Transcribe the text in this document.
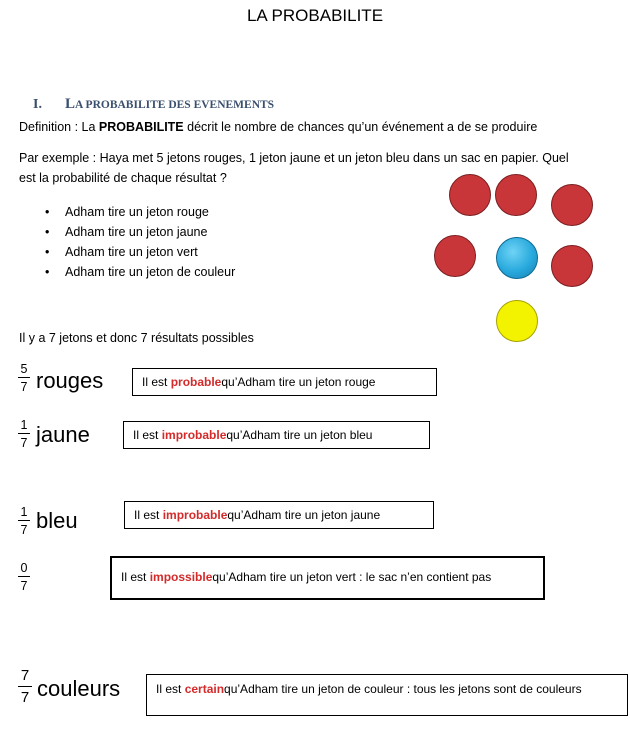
LA PROBABILITE
I. LA PROBABILITE DES EVENEMENTS
Definition : La PROBABILITE décrit le nombre de chances qu’un événement a de se produire
Par exemple : Haya met 5 jetons rouges, 1 jeton jaune et un jeton bleu dans un sac en papier. Quel
est la probabilité de chaque résultat ?
• Adham tire un jeton rouge
• Adham tire un jeton jaune
• Adham tire un jeton vert
• Adham tire un jeton de couleur
Il y a 7 jetons et donc 7 résultats possibles
$\frac{5}{7}$ rouges	Il est
probable qu’Adham tire un jeton rouge
$\frac{1}{7}$ jaune	Il est
improbable qu’Adham tire un jeton bleu
$\frac{1}{7}$ bleu	Il est
improbable qu’Adham tire un jeton jaune
$\frac{0}{7}$	Il est
impossible qu’Adham tire un jeton vert : le sac n’en contient pas
$\frac{7}{7}$ couleurs	Il est
certain qu’Adham tire un jeton de couleur : tous les jetons sont de couleurs
